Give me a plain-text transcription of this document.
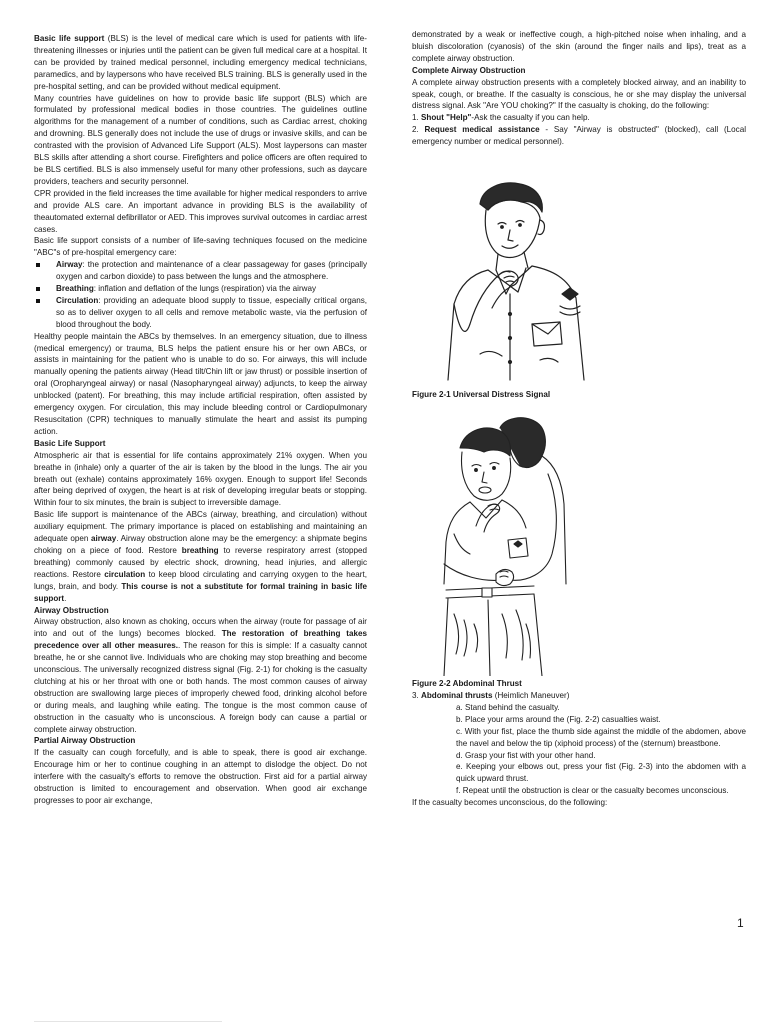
Basic life support (BLS) is the level of medical care which is used for patients with life-threatening illnesses or injuries until the patient can be given full medical care at a hospital. It can be provided by trained medical personnel, including emergency medical technicians, paramedics, and by laypersons who have received BLS training. BLS is generally used in the pre-hospital setting, and can be provided without medical equipment.

Many countries have guidelines on how to provide basic life support (BLS) which are formulated by professional medical bodies in those countries. The guidelines outline algorithms for the management of a number of conditions, such as Cardiac arrest, choking and drowning. BLS generally does not include the use of drugs or invasive skills, and can be contrasted with the provision of Advanced Life Support (ALS). Most laypersons can master BLS skills after attending a short course. Firefighters and police officers are often required to be BLS certified. BLS is also immensely useful for many other professions, such as daycare providers, teachers and security personnel.

CPR provided in the field increases the time available for higher medical responders to arrive and provide ALS care. An important advance in providing BLS is the availability of theautomated external defibrillator or AED. This improves survival outcomes in cardiac arrest cases.

Basic life support consists of a number of life-saving techniques focused on the medicine "ABC"s of pre-hospital emergency care:

Airway: the protection and maintenance of a clear passageway for gases (principally oxygen and carbon dioxide) to pass between the lungs and the atmosphere.
Breathing: inflation and deflation of the lungs (respiration) via the airway
Circulation: providing an adequate blood supply to tissue, especially critical organs, so as to deliver oxygen to all cells and remove metabolic waste, via the perfusion of blood throughout the body.

Healthy people maintain the ABCs by themselves. In an emergency situation, due to illness (medical emergency) or trauma, BLS helps the patient ensure his or her own ABCs, or assists in maintaining for the patient who is unable to do so. For airways, this will include manually opening the patients airway (Head tilt/Chin lift or jaw thrust) or possible insertion of oral (Oropharyngeal airway) or nasal (Nasopharyngeal airway) adjuncts, to keep the airway unblocked (patent). For breathing, this may include artificial respiration, often assisted by emergency oxygen. For circulation, this may include bleeding control or Cardiopulmonary Resuscitation (CPR) techniques to manually stimulate the heart and assist its pumping action.

Basic Life Support

Atmospheric air that is essential for life contains approximately 21% oxygen. When you breathe in (inhale) only a quarter of the air is taken by the blood in the lungs. The air you breath out (exhale) contains approximately 16% oxygen. Enough to support life! Seconds after being deprived of oxygen, the heart is at risk of developing irregular beats or stopping. Within four to six minutes, the brain is subject to irreversible damage.

Basic life support is maintenance of the ABCs (airway, breathing, and circulation) without auxiliary equipment. The primary importance is placed on establishing and maintaining an adequate open airway. Airway obstruction alone may be the emergency: a shipmate begins choking on a piece of food. Restore breathing to reverse respiratory arrest (stopped breathing) commonly caused by electric shock, drowning, head injuries, and allergic reactions. Restore circulation to keep blood circulating and carrying oxygen to the heart, lungs, brain, and body. This course is not a substitute for formal training in basic life support.

Airway Obstruction

Airway obstruction, also known as choking, occurs when the airway (route for passage of air into and out of the lungs) becomes blocked. The restoration of breathing takes precedence over all other measures.. The reason for this is simple: If a casualty cannot breathe, he or she cannot live. Individuals who are choking may stop breathing and become unconscious. The universally recognized distress signal (Fig. 2-1) for choking is the casualty clutching at his or her throat with one or both hands. The most common causes of airway obstruction are swallowing large pieces of improperly chewed food, drinking alcohol before or during meals, and laughing while eating. The tongue is the most common cause of obstruction in the casualty who is unconscious. A foreign body can cause a partial or complete airway obstruction.

Partial Airway Obstruction

If the casualty can cough forcefully, and is able to speak, there is good air exchange. Encourage him or her to continue coughing in an attempt to dislodge the object. Do not interfere with the casualty's efforts to remove the obstruction. First aid for a partial airway obstruction is limited to encouragement and observation. When good air exchange progresses to poor air exchange,

demonstrated by a weak or ineffective cough, a high-pitched noise when inhaling, and a bluish discoloration (cyanosis) of the skin (around the finger nails and lips), treat as a complete airway obstruction.

Complete Airway Obstruction

A complete airway obstruction presents with a completely blocked airway, and an inability to speak, cough, or breathe. If the casualty is conscious, he or she may display the universal distress signal. Ask "Are YOU choking?" If the casualty is choking, do the following:

1. Shout "Help"-Ask the casualty if you can help.

2. Request medical assistance - Say "Airway is obstructed" (blocked), call (Local emergency number or medical personnel).

Figure 2-1 Universal Distress Signal
Figure 2-2 Abdominal Thrust

3. Abdominal thrusts (Heimlich Maneuver)

a. Stand behind the casualty.

b. Place your arms around the (Fig. 2-2) casualties waist.

c. With your fist, place the thumb side against the middle of the abdomen, above the navel and below the tip (xiphoid process) of the (sternum) breastbone.

d. Grasp your fist with your other hand.

e. Keeping your elbows out, press your fist (Fig. 2-3) into the abdomen with a quick upward thrust.

f. Repeat until the obstruction is clear or the casualty becomes unconscious.

If the casualty becomes unconscious, do the following:

1
